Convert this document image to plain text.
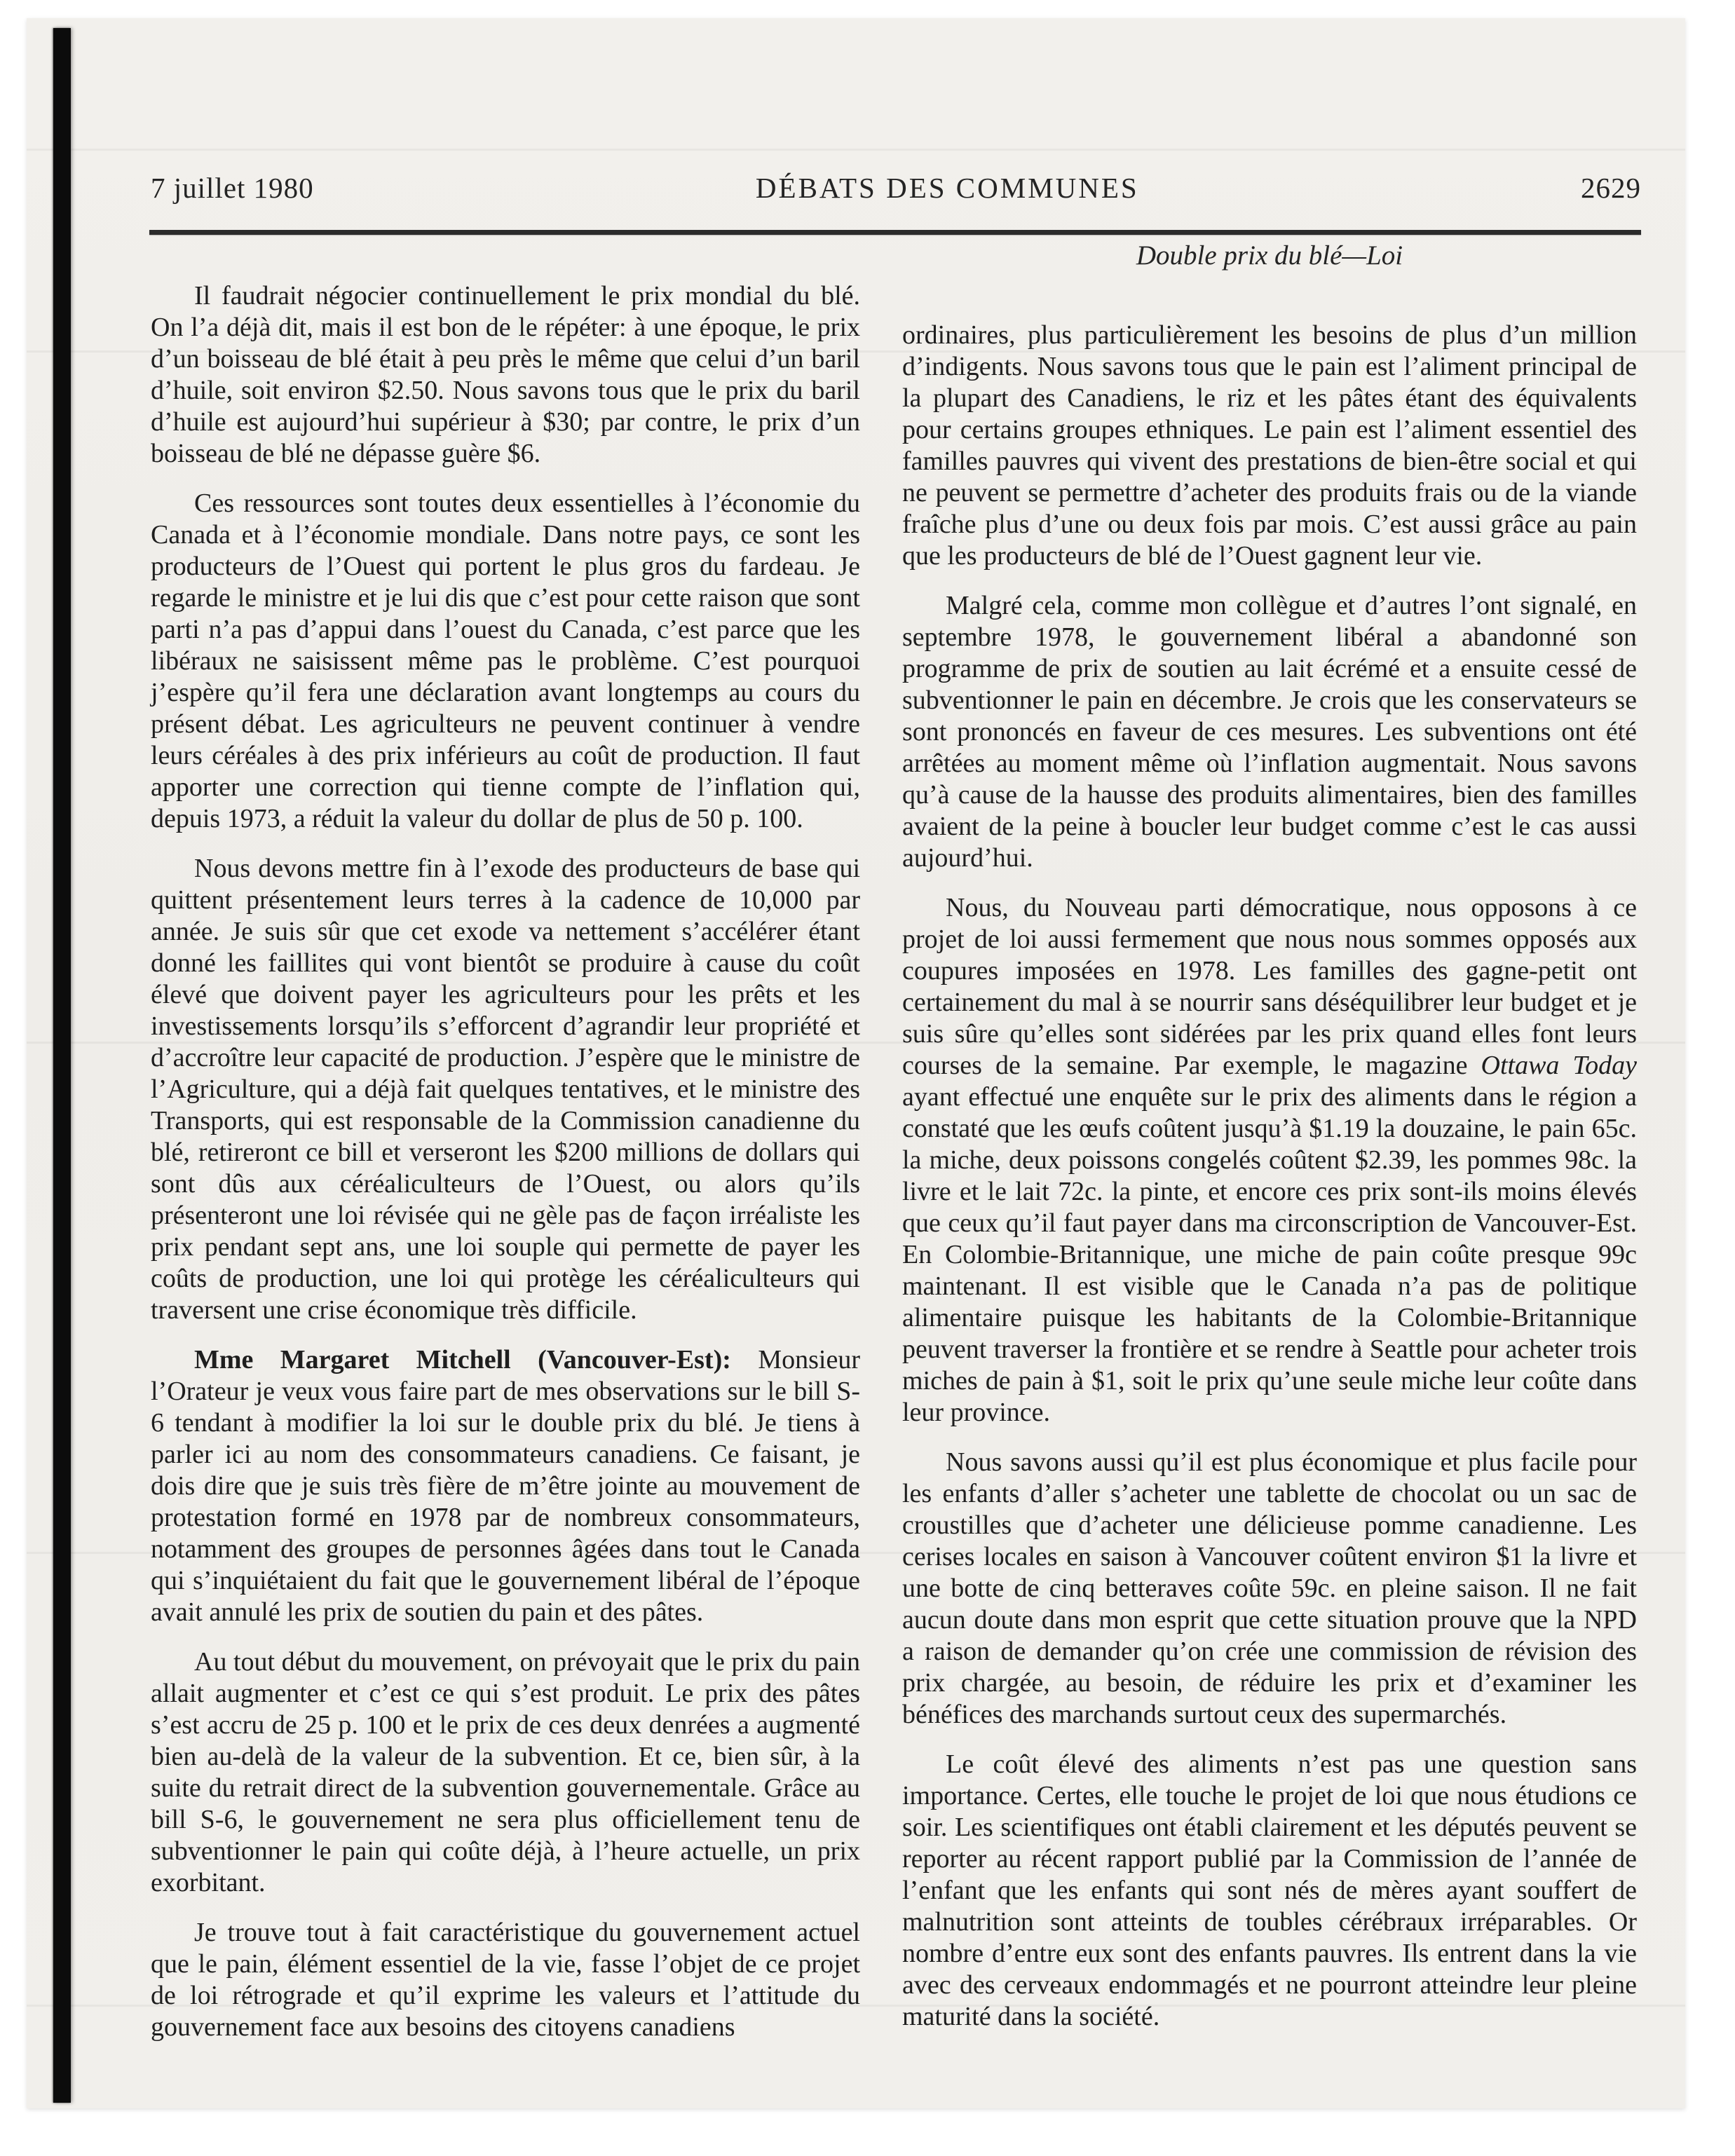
7 juillet 1980	DÉBATS DES COMMUNES	2629
Double prix du blé—Loi

Il faudrait négocier continuellement le prix mondial du blé. On l’a déjà dit, mais il est bon de le répéter: à une époque, le prix d’un boisseau de blé était à peu près le même que celui d’un baril d’huile, soit environ $2.50. Nous savons tous que le prix du baril d’huile est aujourd’hui supérieur à $30; par contre, le prix d’un boisseau de blé ne dépasse guère $6.

Ces ressources sont toutes deux essentielles à l’économie du Canada et à l’économie mondiale. Dans notre pays, ce sont les producteurs de l’Ouest qui portent le plus gros du fardeau. Je regarde le ministre et je lui dis que c’est pour cette raison que sont parti n’a pas d’appui dans l’ouest du Canada, c’est parce que les libéraux ne saisissent même pas le problème. C’est pourquoi j’espère qu’il fera une déclaration avant longtemps au cours du présent débat. Les agriculteurs ne peuvent continuer à vendre leurs céréales à des prix inférieurs au coût de production. Il faut apporter une correction qui tienne compte de l’inflation qui, depuis 1973, a réduit la valeur du dollar de plus de 50 p. 100.

Nous devons mettre fin à l’exode des producteurs de base qui quittent présentement leurs terres à la cadence de 10,000 par année. Je suis sûr que cet exode va nettement s’accélérer étant donné les faillites qui vont bientôt se produire à cause du coût élevé que doivent payer les agriculteurs pour les prêts et les investissements lorsqu’ils s’efforcent d’agrandir leur propriété et d’accroître leur capacité de production. J’espère que le ministre de l’Agriculture, qui a déjà fait quelques tentatives, et le ministre des Transports, qui est responsable de la Commission canadienne du blé, retireront ce bill et verseront les $200 millions de dollars qui sont dûs aux céréaliculteurs de l’Ouest, ou alors qu’ils présenteront une loi révisée qui ne gèle pas de façon irréaliste les prix pendant sept ans, une loi souple qui permette de payer les coûts de production, une loi qui protège les céréaliculteurs qui traversent une crise économique très difficile.

Mme Margaret Mitchell (Vancouver-Est): Monsieur l’Orateur je veux vous faire part de mes observations sur le bill S-6 tendant à modifier la loi sur le double prix du blé. Je tiens à parler ici au nom des consommateurs canadiens. Ce faisant, je dois dire que je suis très fière de m’être jointe au mouvement de protestation formé en 1978 par de nombreux consommateurs, notamment des groupes de personnes âgées dans tout le Canada qui s’inquiétaient du fait que le gouvernement libéral de l’époque avait annulé les prix de soutien du pain et des pâtes.

Au tout début du mouvement, on prévoyait que le prix du pain allait augmenter et c’est ce qui s’est produit. Le prix des pâtes s’est accru de 25 p. 100 et le prix de ces deux denrées a augmenté bien au-delà de la valeur de la subvention. Et ce, bien sûr, à la suite du retrait direct de la subvention gouvernementale. Grâce au bill S-6, le gouvernement ne sera plus officiellement tenu de subventionner le pain qui coûte déjà, à l’heure actuelle, un prix exorbitant.

Je trouve tout à fait caractéristique du gouvernement actuel que le pain, élément essentiel de la vie, fasse l’objet de ce projet de loi rétrograde et qu’il exprime les valeurs et l’attitude du gouvernement face aux besoins des citoyens canadiens

ordinaires, plus particulièrement les besoins de plus d’un million d’indigents. Nous savons tous que le pain est l’aliment principal de la plupart des Canadiens, le riz et les pâtes étant des équivalents pour certains groupes ethniques. Le pain est l’aliment essentiel des familles pauvres qui vivent des prestations de bien-être social et qui ne peuvent se permettre d’acheter des produits frais ou de la viande fraîche plus d’une ou deux fois par mois. C’est aussi grâce au pain que les producteurs de blé de l’Ouest gagnent leur vie.

Malgré cela, comme mon collègue et d’autres l’ont signalé, en septembre 1978, le gouvernement libéral a abandonné son programme de prix de soutien au lait écrémé et a ensuite cessé de subventionner le pain en décembre. Je crois que les conservateurs se sont prononcés en faveur de ces mesures. Les subventions ont été arrêtées au moment même où l’inflation augmentait. Nous savons qu’à cause de la hausse des produits alimentaires, bien des familles avaient de la peine à boucler leur budget comme c’est le cas aussi aujourd’hui.

Nous, du Nouveau parti démocratique, nous opposons à ce projet de loi aussi fermement que nous nous sommes opposés aux coupures imposées en 1978. Les familles des gagne-petit ont certainement du mal à se nourrir sans déséquilibrer leur budget et je suis sûre qu’elles sont sidérées par les prix quand elles font leurs courses de la semaine. Par exemple, le magazine Ottawa Today ayant effectué une enquête sur le prix des aliments dans le région a constaté que les œufs coûtent jusqu’à $1.19 la douzaine, le pain 65c. la miche, deux poissons congelés coûtent $2.39, les pommes 98c. la livre et le lait 72c. la pinte, et encore ces prix sont-ils moins élevés que ceux qu’il faut payer dans ma circonscription de Vancouver-Est. En Colombie-Britannique, une miche de pain coûte presque 99c maintenant. Il est visible que le Canada n’a pas de politique alimentaire puisque les habitants de la Colombie-Britannique peuvent traverser la frontière et se rendre à Seattle pour acheter trois miches de pain à $1, soit le prix qu’une seule miche leur coûte dans leur province.

Nous savons aussi qu’il est plus économique et plus facile pour les enfants d’aller s’acheter une tablette de chocolat ou un sac de croustilles que d’acheter une délicieuse pomme canadienne. Les cerises locales en saison à Vancouver coûtent environ $1 la livre et une botte de cinq betteraves coûte 59c. en pleine saison. Il ne fait aucun doute dans mon esprit que cette situation prouve que la NPD a raison de demander qu’on crée une commission de révision des prix chargée, au besoin, de réduire les prix et d’examiner les bénéfices des marchands surtout ceux des supermarchés.

Le coût élevé des aliments n’est pas une question sans importance. Certes, elle touche le projet de loi que nous étudions ce soir. Les scientifiques ont établi clairement et les députés peuvent se reporter au récent rapport publié par la Commission de l’année de l’enfant que les enfants qui sont nés de mères ayant souffert de malnutrition sont atteints de toubles cérébraux irréparables. Or nombre d’entre eux sont des enfants pauvres. Ils entrent dans la vie avec des cerveaux endommagés et ne pourront atteindre leur pleine maturité dans la société.
